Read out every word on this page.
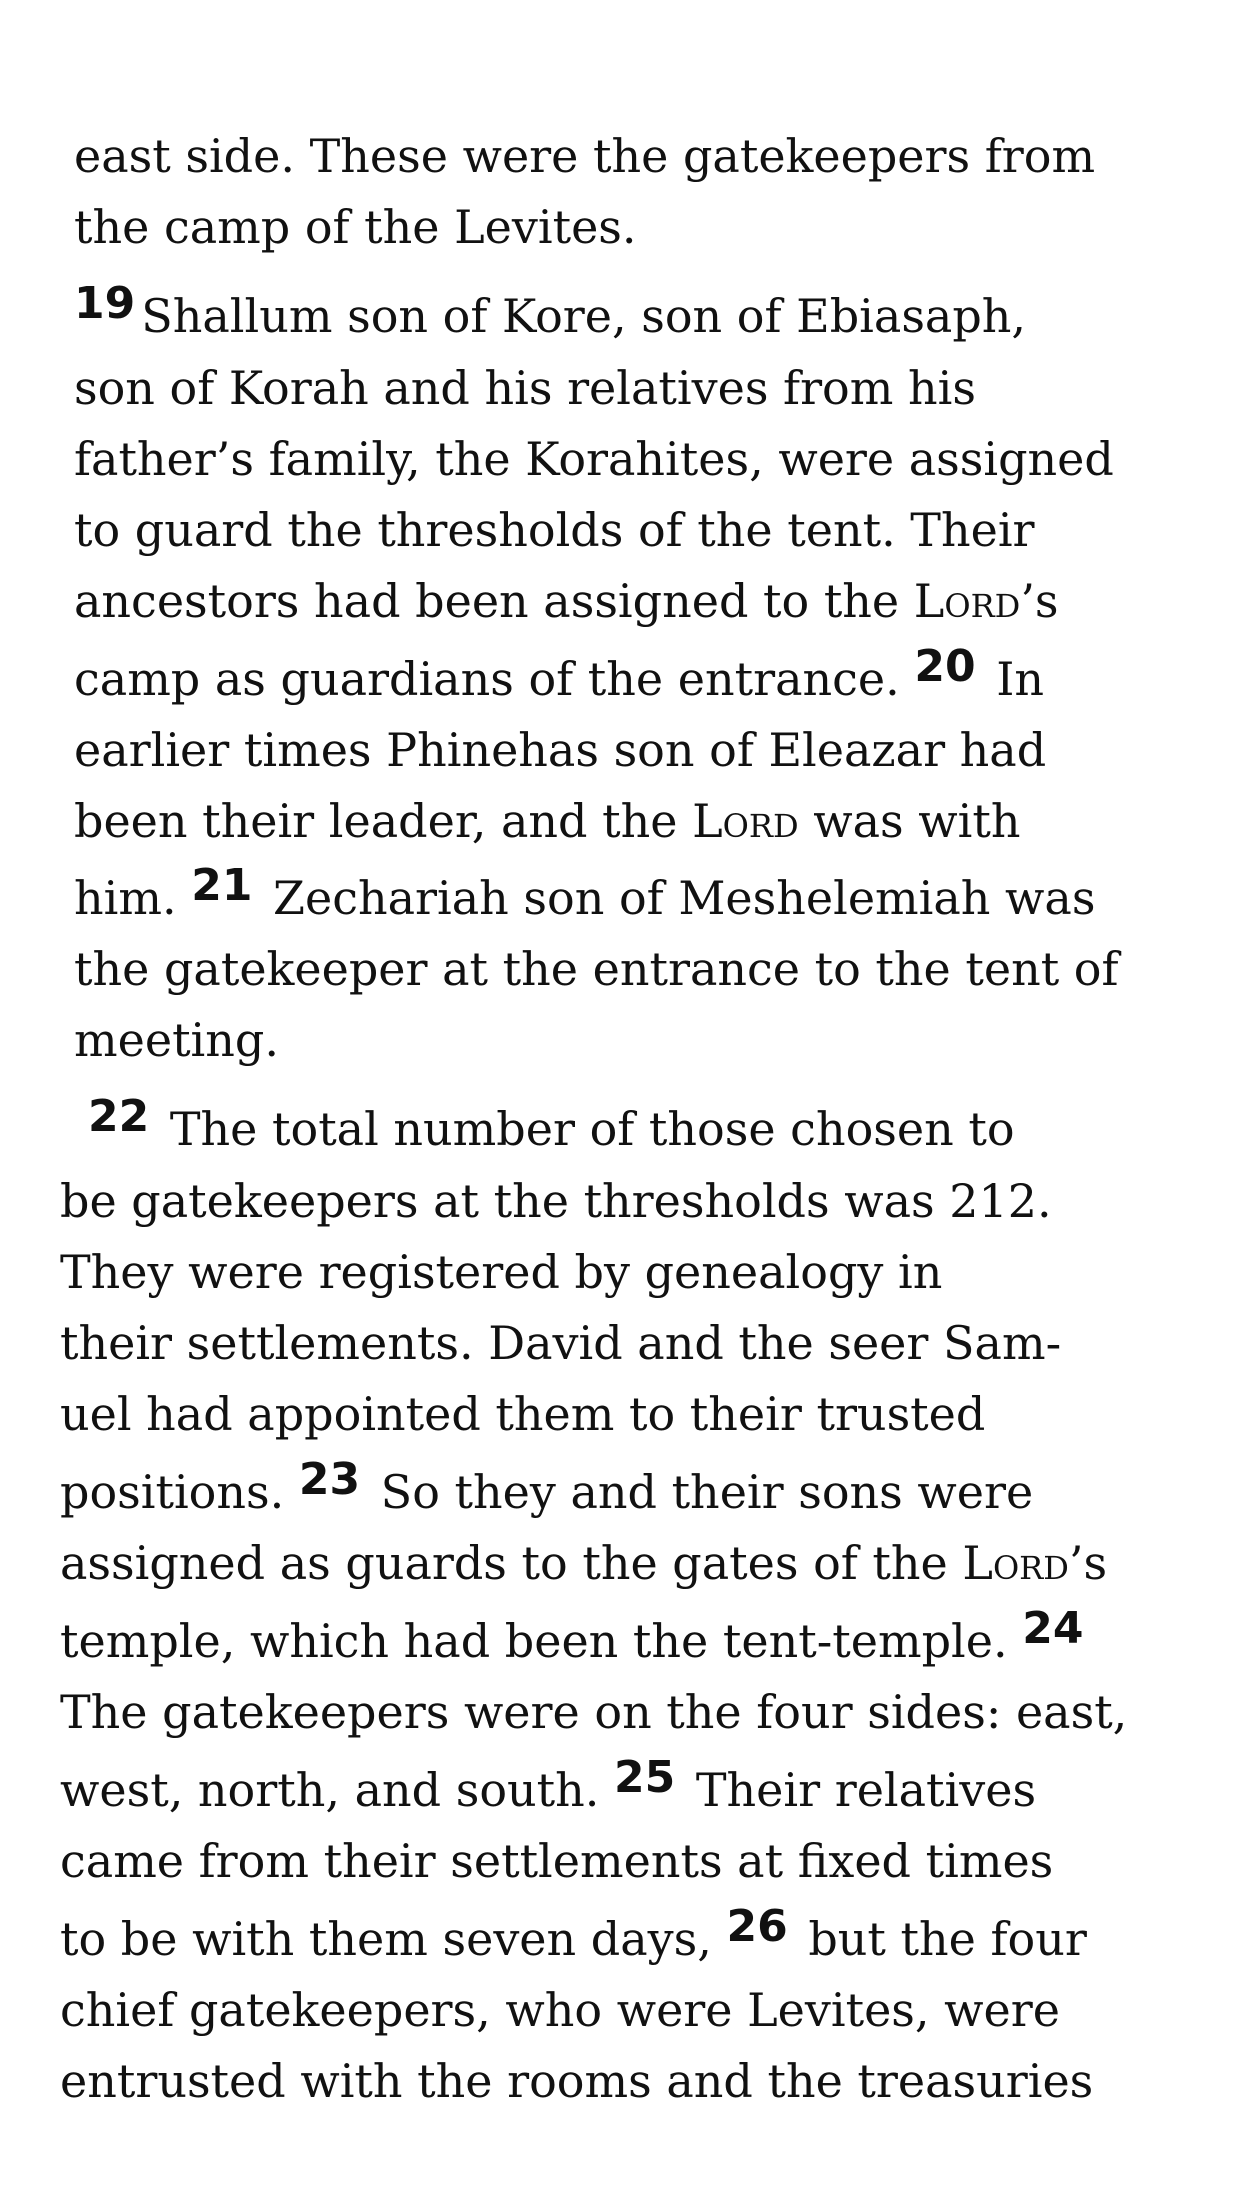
east side. These were the gatekeepers from

the camp of the Levites.

19 Shallum son of Kore, son of Ebiasaph,

son of Korah and his relatives from his

father’s family, the Korahites, were assigned

to guard the thresholds of the tent. Their

ancestors had been assigned to the Lord’s

camp as guardians of the entrance. 20 In

earlier times Phinehas son of Eleazar had

been their leader, and the Lord was with

him. 21 Zechariah son of Meshelemiah was

the gatekeeper at the entrance to the tent of

meeting.

22 The total number of those chosen to

be gatekeepers at the thresholds was 212.

They were registered by genealogy in

their settlements. David and the seer Sam-

uel had appointed them to their trusted

positions. 23 So they and their sons were

assigned as guards to the gates of the Lord’s

temple, which had been the tent-temple. 24

The gatekeepers were on the four sides: east,

west, north, and south. 25 Their relatives

came from their settlements at fixed times

to be with them seven days, 26 but the four

chief gatekeepers, who were Levites, were

entrusted with the rooms and the treasuries
